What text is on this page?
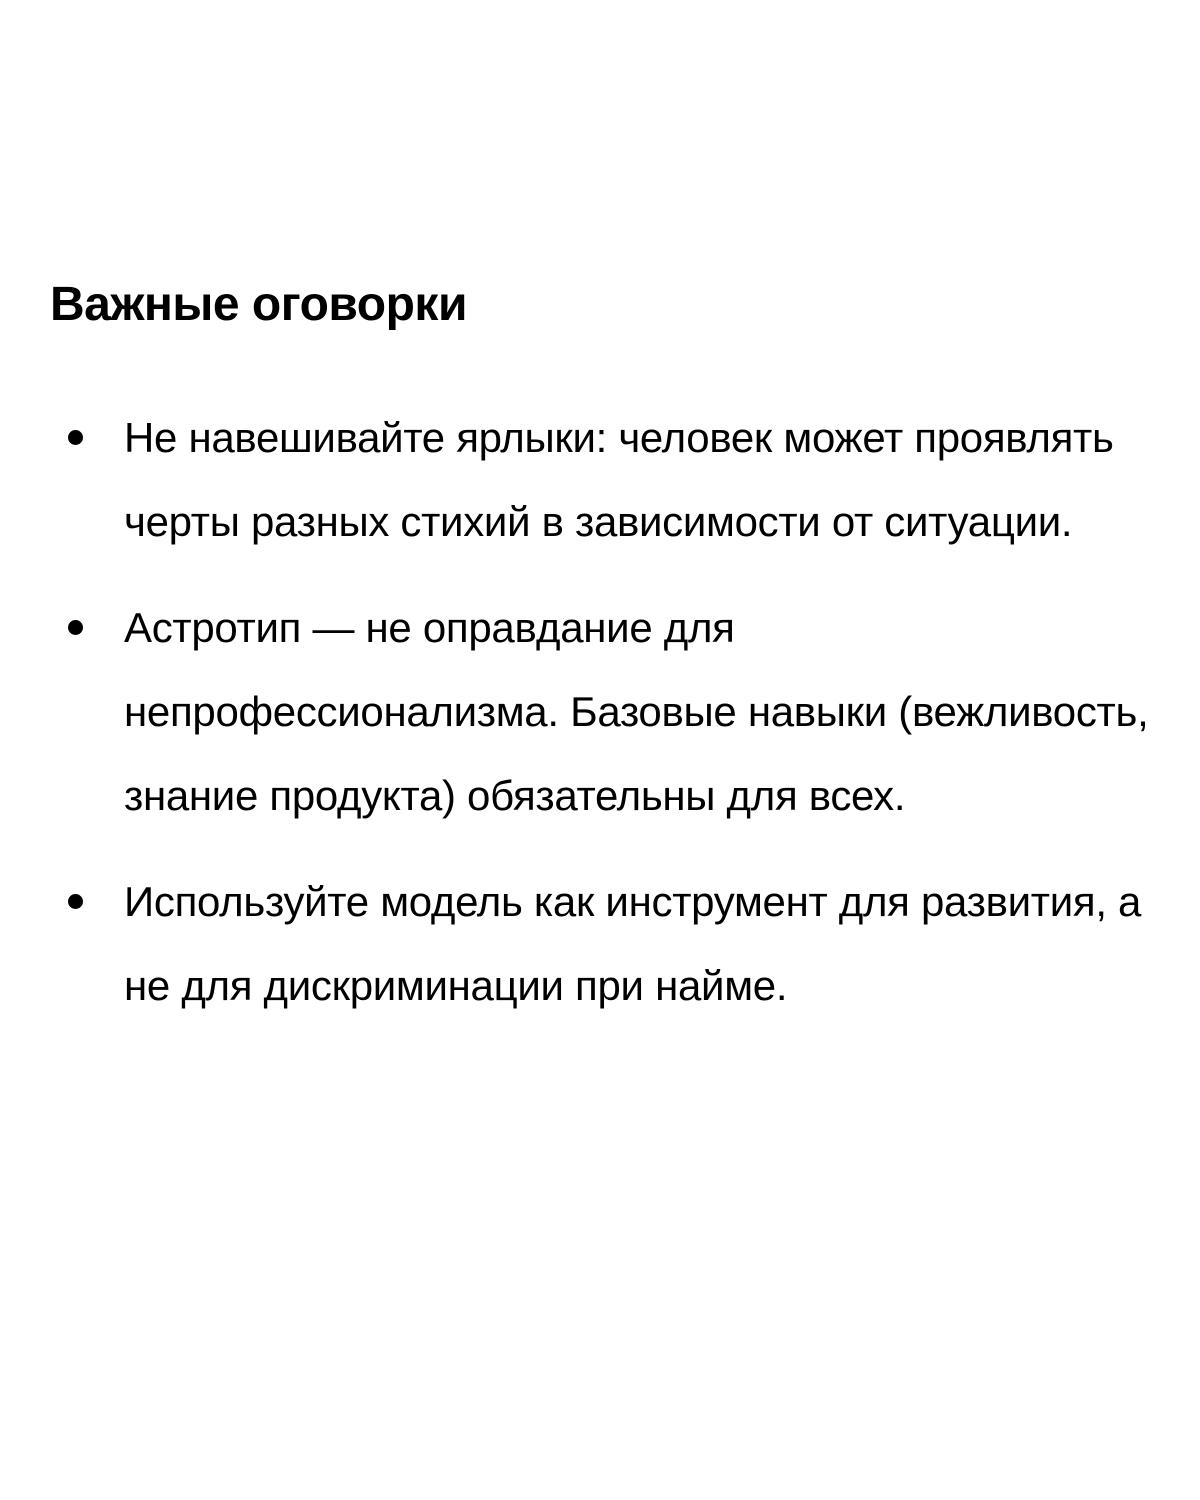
Важные оговорки
Не навешивайте ярлыки: человек может проявлять черты разных стихий в зависимости от ситуации.
Астротип — не оправдание для непрофессионализма. Базовые навыки (вежливость, знание продукта) обязательны для всех.
Используйте модель как инструмент для развития, а не для дискриминации при найме.
